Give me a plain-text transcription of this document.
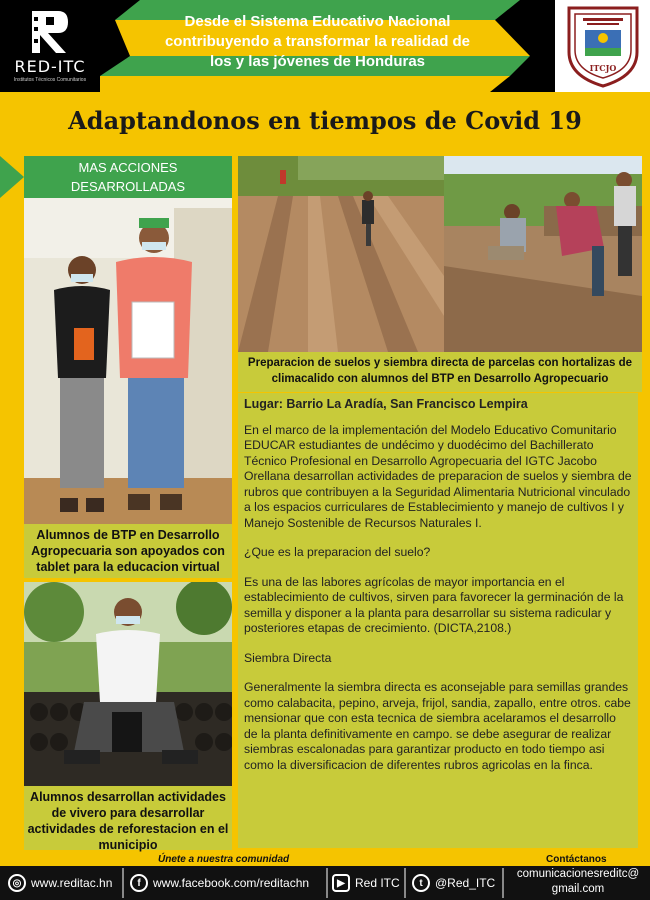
RED-ITC
Institutos Técnicos Comunitarios
Desde el Sistema Educativo Nacional
contribuyendo a transformar la realidad de
los y las jóvenes de Honduras	ITCJO
Adaptandonos en tiempos de Covid 19
MAS ACCIONES
DESARROLLADAS
Alumnos de BTP en Desarrollo Agropecuaria son apoyados con tablet para la educacion virtual
Alumnos desarrollan actividades de vivero para desarrollar actividades de reforestacion en el municipio
Preparacion de suelos y siembra directa de parcelas con hortalizas de climacalido con alumnos del BTP en Desarrollo Agropecuario
Lugar: Barrio La Aradía, San Francisco Lempira

En el marco de la implementación del Modelo Educativo Comunitario EDUCAR estudiantes de undécimo y duodécimo del Bachillerato Técnico Profesional en Desarrollo Agropecuaria del IGTC Jacobo Orellana desarrollan actividades de preparacion de suelos y siembra de rubros que contribuyen a la Seguridad Alimentaria Nutricional vinculado a los espacios curriculares de Establecimiento y manejo de cultivos I y Manejo Sostenible de Recursos Naturales I.

¿Que es la preparacion del suelo?

Es una de las labores agrícolas de mayor importancia en el establecimiento de cultivos, sirven para favorecer la germinación de la semilla y disponer a la planta para desarrollar su sistema radicular y posteriores etapas de crecimiento. (DICTA,2108.)

Siembra Directa

Generalmente la siembra directa es aconsejable para semillas grandes como calabacita, pepino, arveja, frijol, sandia, zapallo, entre otros. cabe mensionar que con esta tecnica de siembra acelaramos el desarrollo de la planta definitivamente en campo. se debe asegurar de realizar siembras escalonadas para garantizar producto en todo tiempo asi como la diversificacion de diferentes rubros agricolas en la finca.

Únete a nuestra comunidad	Contáctanos
◎ www.reditac.hn	f	www.facebook.com/reditachn	▶ Red ITC	t	@Red_ITC
comunicacionesreditc@
gmail.com
